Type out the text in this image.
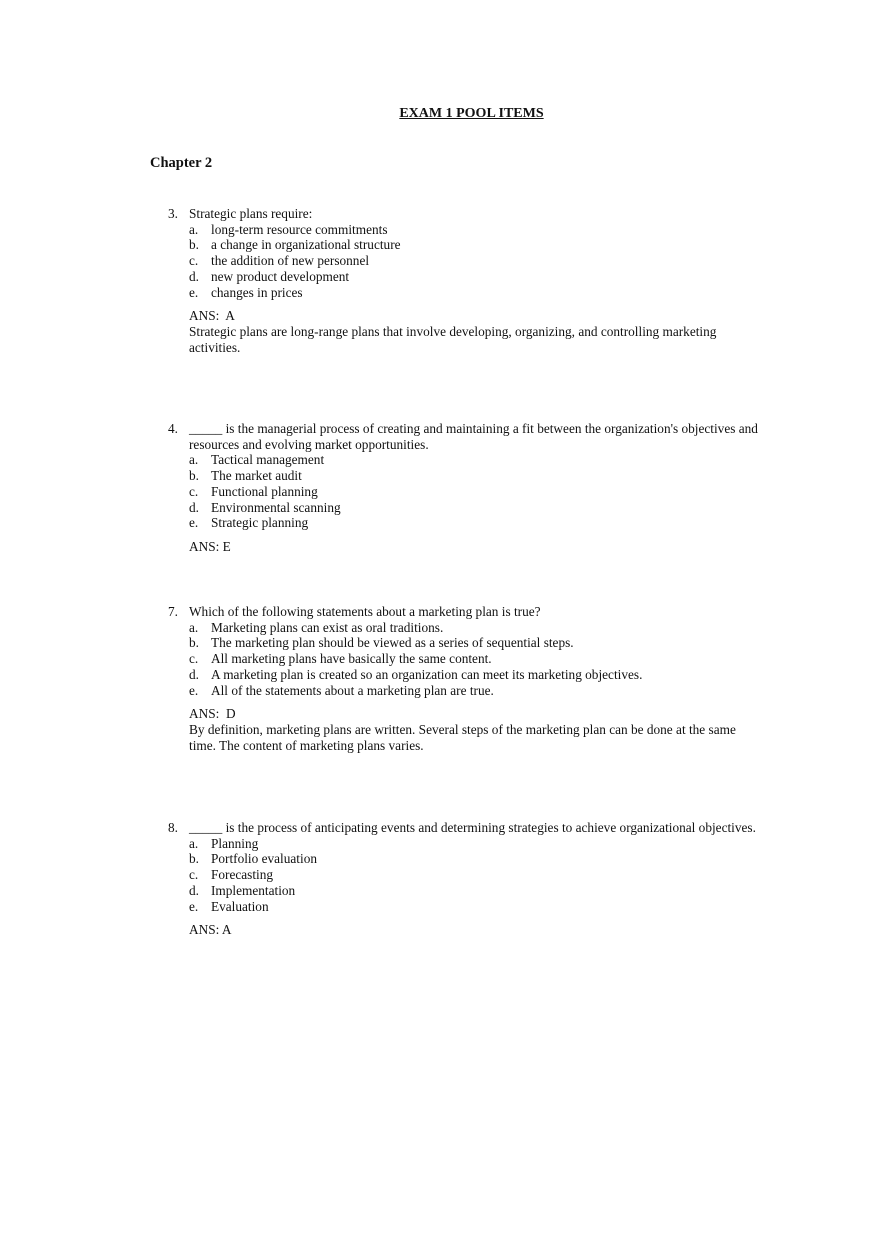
EXAM 1 POOL ITEMS
Chapter 2
3. Strategic plans require:
a. long-term resource commitments
b. a change in organizational structure
c. the addition of new personnel
d. new product development
e. changes in prices
ANS:  A
Strategic plans are long-range plans that involve developing, organizing, and controlling marketing activities.
4. _____ is the managerial process of creating and maintaining a fit between the organization's objectives and resources and evolving market opportunities.
a. Tactical management
b. The market audit
c. Functional planning
d. Environmental scanning
e. Strategic planning
ANS: E
7. Which of the following statements about a marketing plan is true?
a. Marketing plans can exist as oral traditions.
b. The marketing plan should be viewed as a series of sequential steps.
c. All marketing plans have basically the same content.
d. A marketing plan is created so an organization can meet its marketing objectives.
e. All of the statements about a marketing plan are true.
ANS:  D
By definition, marketing plans are written. Several steps of the marketing plan can be done at the same time. The content of marketing plans varies.
8. _____ is the process of anticipating events and determining strategies to achieve organizational objectives.
a. Planning
b. Portfolio evaluation
c. Forecasting
d. Implementation
e. Evaluation
ANS: A
